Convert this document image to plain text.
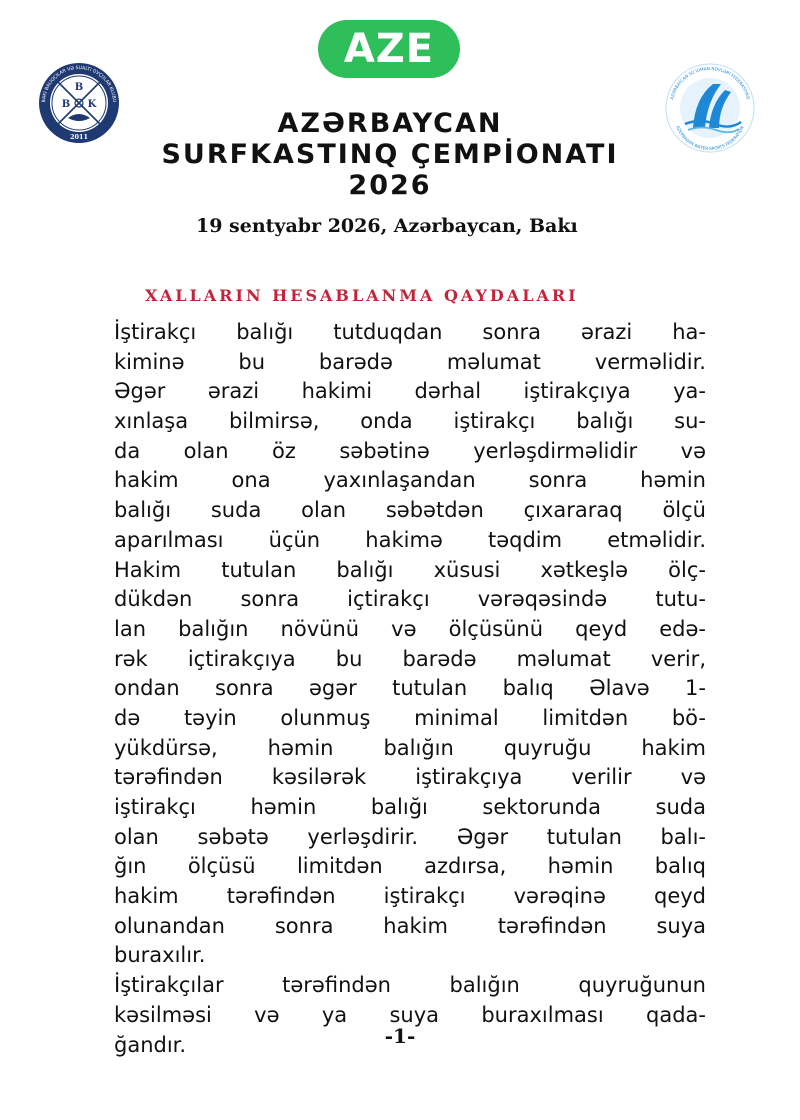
AZE
B
B K
2011
BAKI BALIQÇILAR VƏ SUALTI OVÇULAR KLUBU
AZƏRBAYCAN SU İDMAN NÖVLƏRİ FEDERASİYASI
AZERBAIJAN WATER SPORTS FEDERATION
AZƏRBAYCAN
SURFKASTINQ ÇEMPİONATI
2026
19 sentyabr 2026, Azərbaycan, Bakı
XALLARIN HESABLANMA QAYDALARI
İştirakçı balığı tutduqdan sonra ərazi ha-
kiminə bu barədə məlumat verməlidir.
Əgər ərazi hakimi dərhal iştirakçıya ya-
xınlaşa bilmirsə, onda iştirakçı balığı su-
da olan öz səbətinə yerləşdirməlidir və
hakim ona yaxınlaşandan sonra həmin
balığı suda olan səbətdən çıxararaq ölçü
aparılması üçün hakimə təqdim etməlidir.
Hakim tutulan balığı xüsusi xətkeşlə ölç-
dükdən sonra içtirakçı vərəqəsində tutu-
lan balığın növünü və ölçüsünü qeyd edə-
rək içtirakçıya bu barədə məlumat verir,
ondan sonra əgər tutulan balıq Əlavə 1-
də təyin olunmuş minimal limitdən bö-
yükdürsə, həmin balığın quyruğu hakim
tərəfindən kəsilərək iştirakçıya verilir və
iştirakçı həmin balığı sektorunda suda
olan səbətə yerləşdirir. Əgər tutulan balı-
ğın ölçüsü limitdən azdırsa, həmin balıq
hakim tərəfindən iştirakçı vərəqinə qeyd
olunandan sonra hakim tərəfindən suya
buraxılır.
İştirakçılar tərəfindən balığın quyruğunun
kəsilməsi və ya suya buraxılması qada-
ğandır.	-1-
